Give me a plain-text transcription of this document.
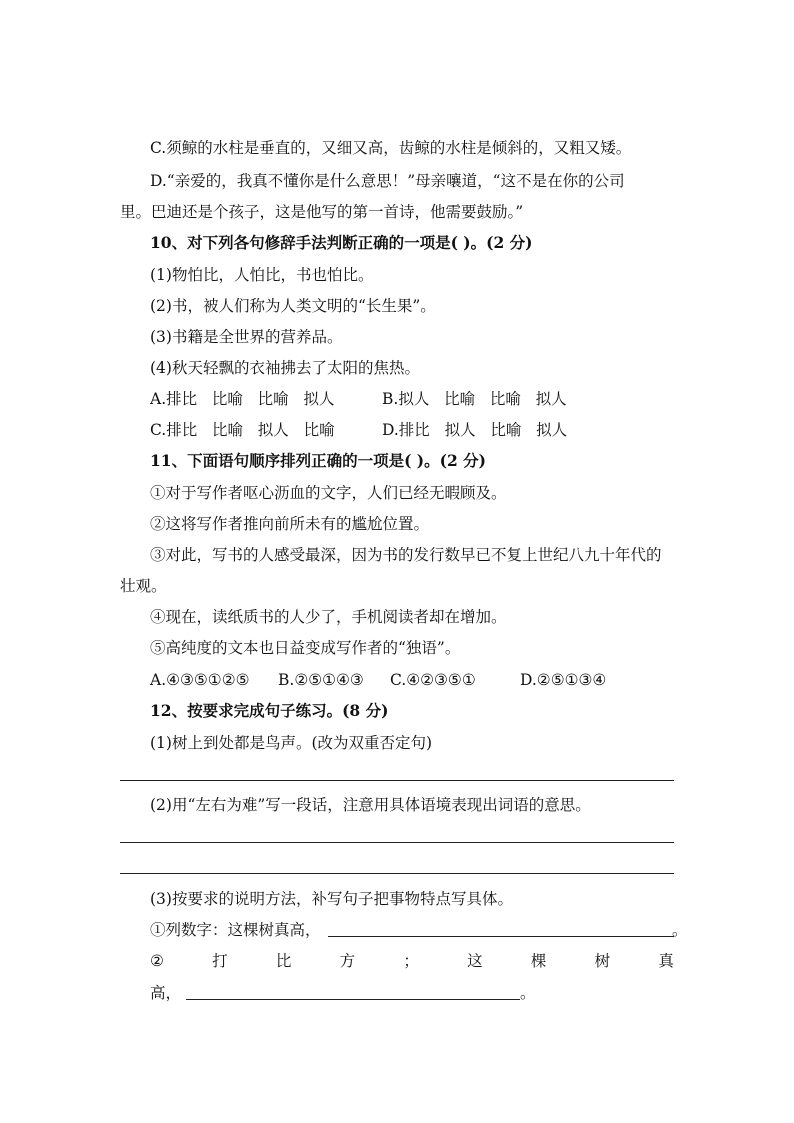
C.须鲸的水柱是垂直的，又细又高，齿鲸的水柱是倾斜的，又粗又矮。
D.“亲爱的，我真不懂你是什么意思！”母亲嚷道，“这不是在你的公司
里。巴迪还是个孩子，这是他写的第一首诗，他需要鼓励。”
10、对下列各句修辞手法判断正确的一项是( )。(2 分)
(1)物怕比，人怕比，书也怕比。
(2)书，被人们称为人类文明的“长生果”。
(3)书籍是全世界的营养品。
(4)秋天轻飘的衣袖拂去了太阳的焦热。
A.排比   比喻   比喻   拟人	B.拟人   比喻   比喻   拟人
C.排比   比喻   拟人   比喻	D.排比   拟人   比喻   拟人
11、下面语句顺序排列正确的一项是( )。(2 分)
①对于写作者呕心沥血的文字，人们已经无暇顾及。
②这将写作者推向前所未有的尴尬位置。
③对此，写书的人感受最深，因为书的发行数早已不复上世纪八九十年代的
壮观。
④现在，读纸质书的人少了，手机阅读者却在增加。
⑤高纯度的文本也日益变成写作者的“独语”。
A.④③⑤①②⑤ B.②⑤①④③ C.④②③⑤①	D.②⑤①③④
12、按要求完成句子练习。(8 分)
(1)树上到处都是鸟声。(改为双重否定句)
(2)用“左右为难”写一段话，注意用具体语境表现出词语的意思。
(3)按要求的说明方法，补写句子把事物特点写具体。
①列数字：这棵树真高，	。
②	打	比	方	；	这	棵	树	真
高，	。
